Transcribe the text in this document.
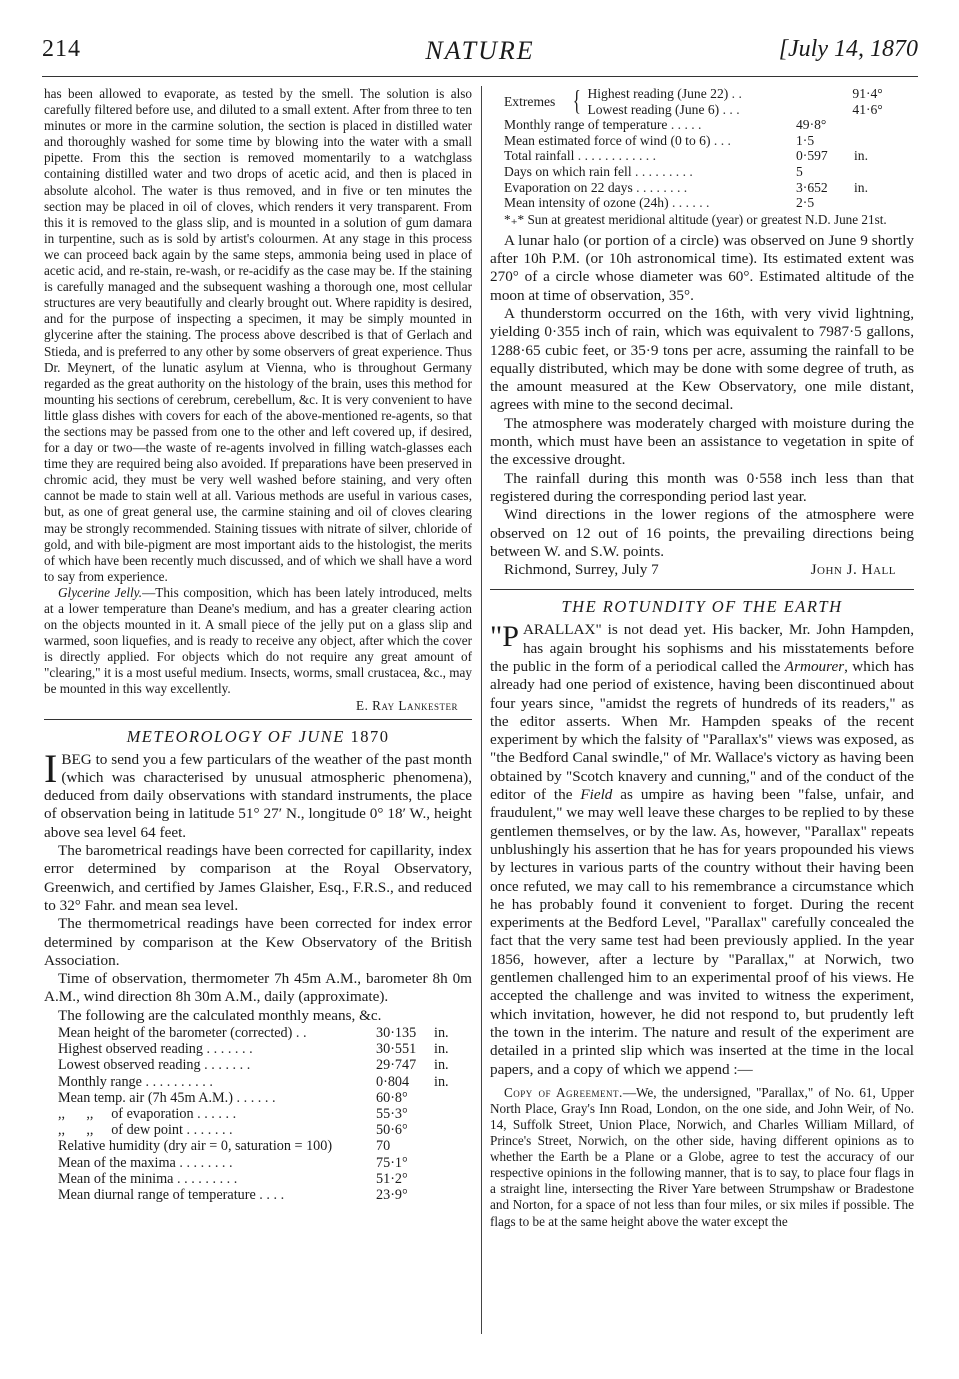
214	NATURE	[July 14, 1870

has been allowed to evaporate, as tested by the smell. The solution is also carefully filtered before use, and diluted to a small extent. After from three to ten minutes or more in the carmine solution, the section is placed in distilled water and thoroughly washed for some time by blowing into the water with a small pipette. From this the section is removed momentarily to a watchglass containing distilled water and two drops of acetic acid, and then is placed in absolute alcohol. The water is thus removed, and in five or ten minutes the section may be placed in oil of cloves, which renders it very transparent. From this it is removed to the glass slip, and is mounted in a solution of gum damara in turpentine, such as is sold by artist's colourmen. At any stage in this process we can proceed back again by the same steps, ammonia being used in place of acetic acid, and re-stain, re-wash, or re-acidify as the case may be. If the staining is carefully managed and the subsequent washing a thorough one, most cellular structures are very beautifully and clearly brought out. Where rapidity is desired, and for the purpose of inspecting a specimen, it may be simply mounted in glycerine after the staining. The process above described is that of Gerlach and Stieda, and is preferred to any other by some observers of great experience. Thus Dr. Meynert, of the lunatic asylum at Vienna, who is throughout Germany regarded as the great authority on the histology of the brain, uses this method for mounting his sections of cerebrum, cerebellum, &c. It is very convenient to have little glass dishes with covers for each of the above-mentioned re-agents, so that the sections may be passed from one to the other and left covered up, if desired, for a day or two—the waste of re-agents involved in filling watch-glasses each time they are required being also avoided. If preparations have been preserved in chromic acid, they must be very well washed before staining, and very often cannot be made to stain well at all. Various methods are useful in various cases, but, as one of great general use, the carmine staining and oil of cloves clearing may be strongly recommended. Staining tissues with nitrate of silver, chloride of gold, and with bile-pigment are most important aids to the histologist, the merits of which have been recently much discussed, and of which we shall have a word to say from experience.

Glycerine Jelly.—This composition, which has been lately introduced, melts at a lower temperature than Deane's medium, and has a greater clearing action on the objects mounted in it. A small piece of the jelly put on a glass slip and warmed, soon liquefies, and is ready to receive any object, after which the cover is directly applied. For objects which do not require any great amount of "clearing," it is a most useful medium. Insects, worms, small crustacea, &c., may be mounted in this way excellently.

E. Ray Lankester
METEOROLOGY OF JUNE 1870

IBEG to send you a few particulars of the weather of the past month (which was characterised by unusual atmospheric phenomena), deduced from daily observations with standard instruments, the place of observation being in latitude 51° 27′ N., longitude 0° 18′ W., height above sea level 64 feet.

The barometrical readings have been corrected for capillarity, index error determined by comparison at the Royal Observatory, Greenwich, and certified by James Glaisher, Esq., F.R.S., and reduced to 32° Fahr. and mean sea level.

The thermometrical readings have been corrected for index error determined by comparison at the Kew Observatory of the British Association.

Time of observation, thermometer 7h 45m A.M., barometer 8h 0m A.M., wind direction 8h 30m A.M., daily (approximate).

The following are the calculated monthly means, &c.

Mean height of the barometer (corrected) . .	30·135	in.
Highest observed reading . . . . . . .	30·551	in.
Lowest observed reading . . . . . . .	29·747	in.
Monthly range . . . . . . . . . .	0·804	in.
Mean temp. air (7h 45m A.M.) . . . . . .	60·8°	
,,      ,,     of evaporation . . . . . .	55·3°	
,,      ,,     of dew point . . . . . . .	50·6°	
Relative humidity (dry air = 0, saturation = 100)	70	
Mean of the maxima . . . . . . . .	75·1°	
Mean of the minima . . . . . . . . .	51·2°	
Mean diurnal range of temperature . . . .	23·9°	
Extremes { Highest reading (June 22) . .	91·4°
Lowest reading (June 6) . . .	41·6°
Monthly range of temperature . . . . .	49·8°	
Mean estimated force of wind (0 to 6) . . .	1·5	
Total rainfall . . . . . . . . . . . .	0·597	in.
Days on which rain fell . . . . . . . . .	5	
Evaporation on 22 days . . . . . . . .	3·652	in.
Mean intensity of ozone (24h) . . . . . .	2·5	

*₊* Sun at greatest meridional altitude (year) or greatest N.D. June 21st.

A lunar halo (or portion of a circle) was observed on June 9 shortly after 10h P.M. (or 10h astronomical time). Its estimated extent was 270° of a circle whose diameter was 60°. Estimated altitude of the moon at time of observation, 35°.

A thunderstorm occurred on the 16th, with very vivid lightning, yielding 0·355 inch of rain, which was equivalent to 7987·5 gallons, 1288·65 cubic feet, or 35·9 tons per acre, assuming the rainfall to be equally distributed, which may be done with some degree of truth, as the amount measured at the Kew Observatory, one mile distant, agrees with mine to the second decimal.

The atmosphere was moderately charged with moisture during the month, which must have been an assistance to vegetation in spite of the excessive drought.

The rainfall during this month was 0·558 inch less than that registered during the corresponding period last year.

Wind directions in the lower regions of the atmosphere were observed on 12 out of 16 points, the prevailing directions being between W. and S.W. points.

Richmond, Surrey, July 7	John J. Hall
THE ROTUNDITY OF THE EARTH

"PARALLAX" is not dead yet. His backer, Mr. John Hampden, has again brought his sophisms and his misstatements before the public in the form of a periodical called the Armourer, which has already had one period of existence, having been discontinued about four years since, "amidst the regrets of hundreds of its readers," as the editor asserts. When Mr. Hampden speaks of the recent experiment by which the falsity of "Parallax's" views was exposed, as "the Bedford Canal swindle," of Mr. Wallace's victory as having been obtained by "Scotch knavery and cunning," and of the conduct of the editor of the Field as umpire as having been "false, unfair, and fraudulent," we may well leave these charges to be replied to by these gentlemen themselves, or by the law. As, however, "Parallax" repeats unblushingly his assertion that he has for years propounded his views by lectures in various parts of the country without their having been once refuted, we may call to his remembrance a circumstance which he has probably found it convenient to forget. During the recent experiments at the Bedford Level, "Parallax" carefully concealed the fact that the very same test had been previously applied. In the year 1856, however, after a lecture by "Parallax," at Norwich, two gentlemen challenged him to an experimental proof of his views. He accepted the challenge and was invited to witness the experiment, which invitation, however, he did not respond to, but prudently left the town in the interim. The nature and result of the experiment are detailed in a printed slip which was inserted at the time in the local papers, and a copy of which we append :—

Copy of Agreement.—We, the undersigned, "Parallax," of No. 61, Upper North Place, Gray's Inn Road, London, on the one side, and John Weir, of No. 14, Suffolk Street, Union Place, Norwich, and Charles William Millard, of Prince's Street, Norwich, on the other side, having different opinions as to whether the Earth be a Plane or a Globe, agree to test the accuracy of our respective opinions in the following manner, that is to say, to place four flags in a straight line, intersecting the River Yare between Strumpshaw or Bradestone and Norton, for a space of not less than four miles, or six miles if possible. The flags to be at the same height above the water except the
